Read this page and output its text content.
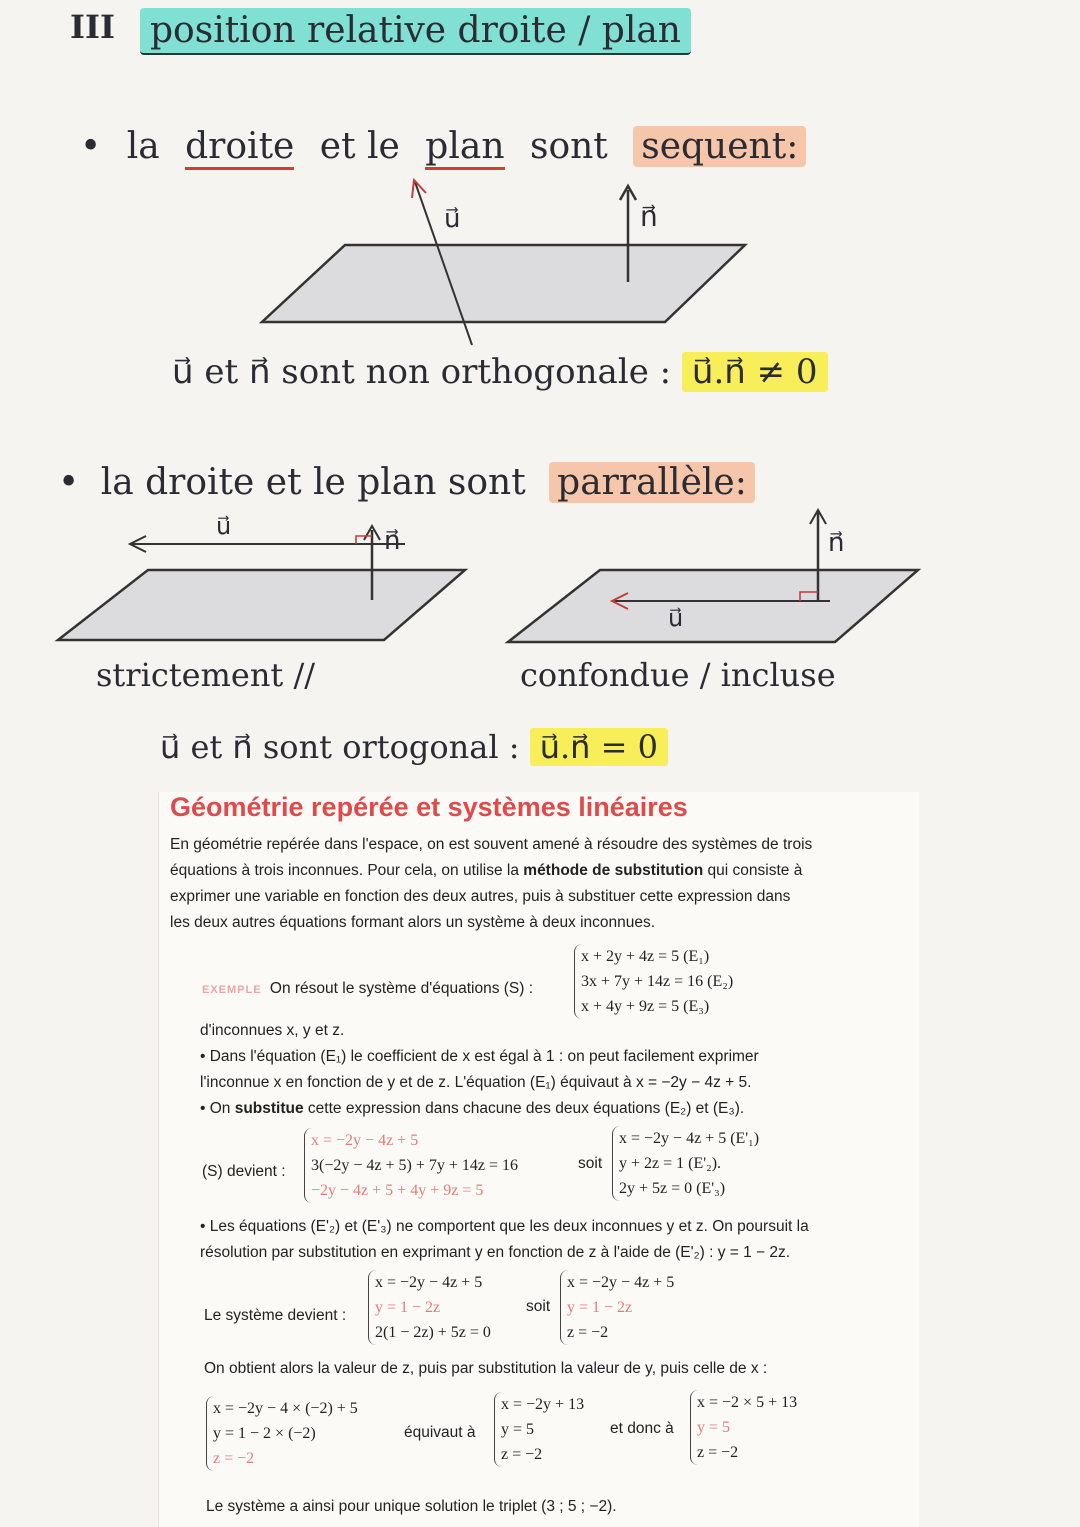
III position relative droite / plan
• la droite et le plan sont sequent:
u⃗	n⃗
u⃗ et n⃗ sont non orthogonale : u⃗.n⃗ ≠ 0
• la droite et le plan sont parrallèle:
u⃗	n⃗
u⃗
n⃗
strictement //	confondue / incluse
u⃗ et n⃗ sont ortogonal : u⃗.n⃗ = 0
Géométrie repérée et systèmes linéaires
En géométrie repérée dans l'espace, on est souvent amené à résoudre des systèmes de trois
équations à trois inconnues. Pour cela, on utilise la méthode de substitution qui consiste à
exprimer une variable en fonction des deux autres, puis à substituer cette expression dans
les deux autres équations formant alors un système à deux inconnues.
EXEMPLE On résout le système d'équations (S) :
x + 2y + 4z = 5 (E₁)
3x + 7y + 14z = 16 (E₂)
x + 4y + 9z = 5 (E₃)
d'inconnues x, y et z.
• Dans l'équation (E₁) le coefficient de x est égal à 1 : on peut facilement exprimer
l'inconnue x en fonction de y et de z. L'équation (E₁) équivaut à x = −2y − 4z + 5.
• On substitue cette expression dans chacune des deux équations (E₂) et (E₃).
(S) devient :
x = −2y − 4z + 5
3(−2y − 4z + 5) + 7y + 14z = 16
−2y − 4z + 5 + 4y + 9z = 5
soit
x = −2y − 4z + 5 (E'₁)
y + 2z = 1 (E'₂).
2y + 5z = 0 (E'₃)
• Les équations (E'₂) et (E'₃) ne comportent que les deux inconnues y et z. On poursuit la
résolution par substitution en exprimant y en fonction de z à l'aide de (E'₂) : y = 1 − 2z.
Le système devient :
x = −2y − 4z + 5
y = 1 − 2z
2(1 − 2z) + 5z = 0
soit
x = −2y − 4z + 5
y = 1 − 2z
z = −2
On obtient alors la valeur de z, puis par substitution la valeur de y, puis celle de x :
x = −2y − 4 × (−2) + 5
y = 1 − 2 × (−2)
z = −2
équivaut à
x = −2y + 13
y = 5
z = −2
et donc à
x = −2 × 5 + 13
y = 5
z = −2
Le système a ainsi pour unique solution le triplet (3 ; 5 ; −2).
